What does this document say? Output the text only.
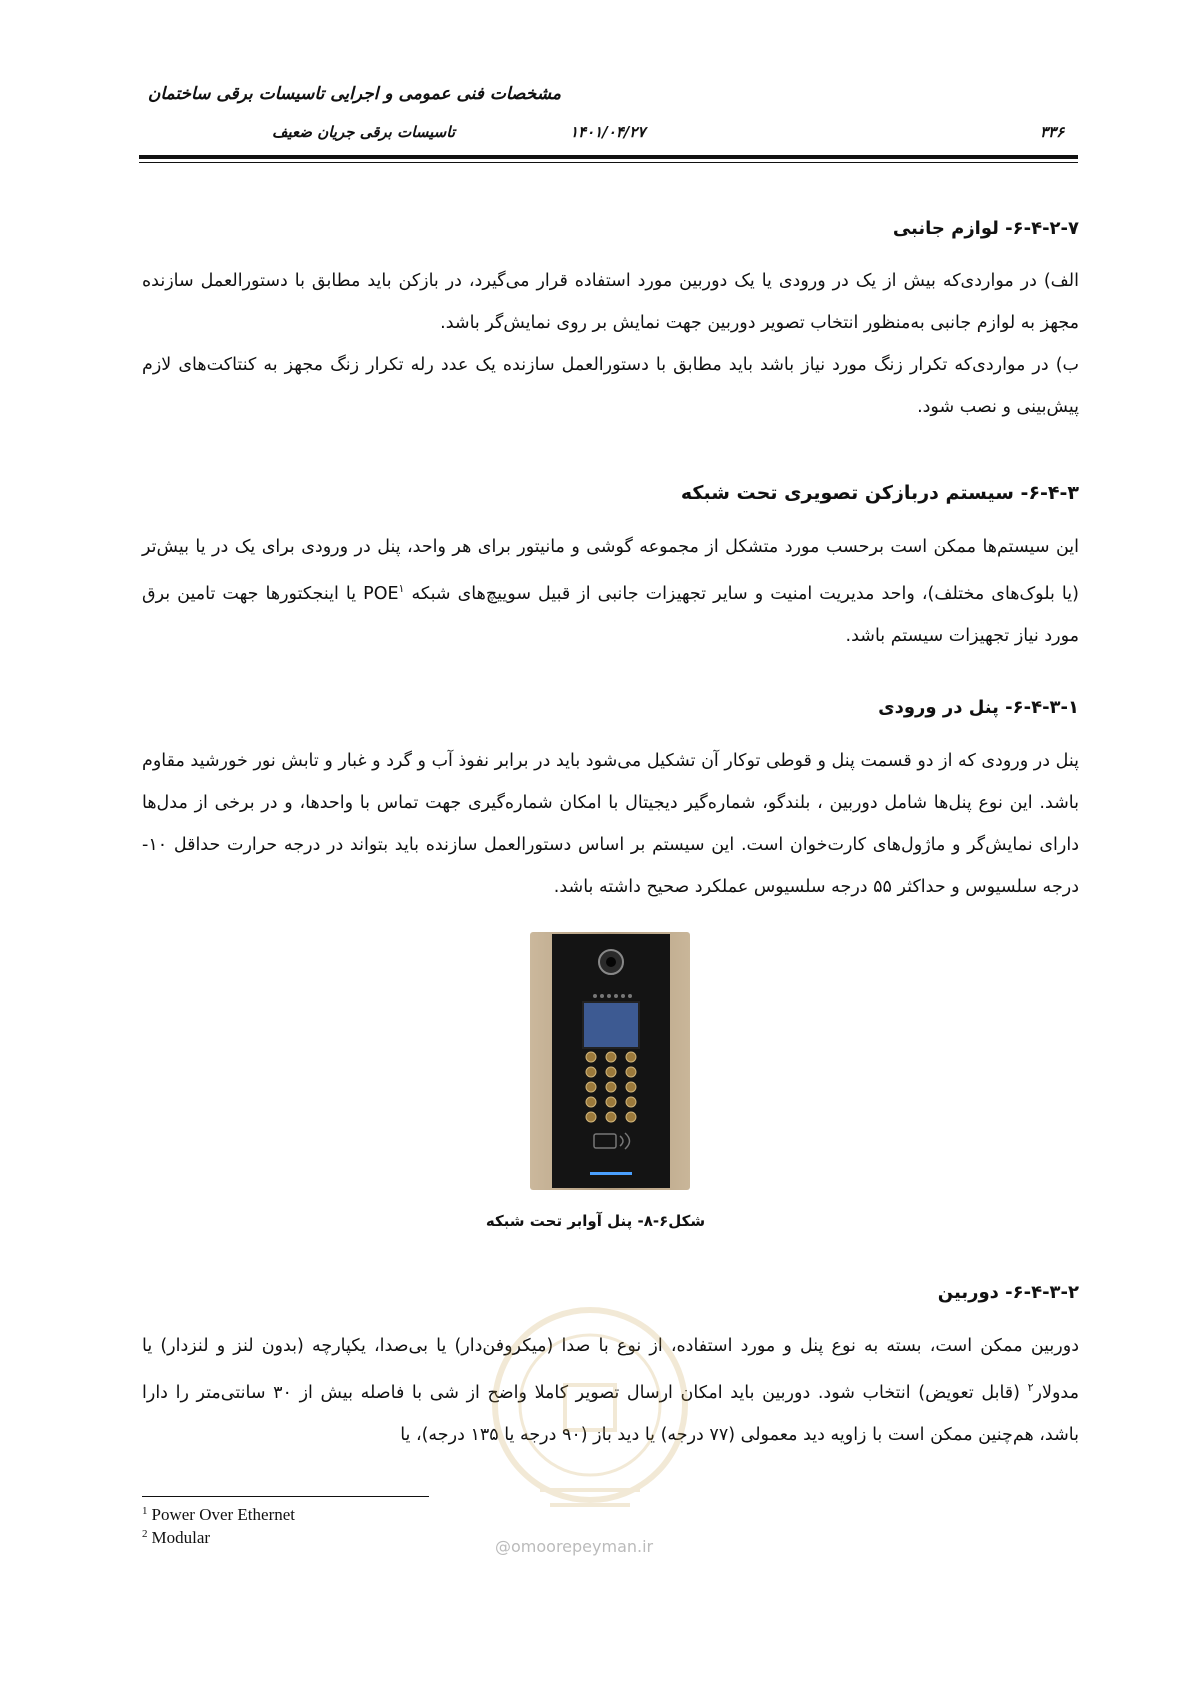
مشخصات فنی عمومی و اجرایی تاسیسات برقی ساختمان
تاسیسات برقی جریان ضعیف	۱۴۰۱/۰۴/۲۷	۳۳۶
۶-۴-۲-۷- لوازم جانبی

الف) در مواردی‌که بیش از یک در ورودی یا یک دوربین مورد استفاده قرار می‌گیرد، در بازکن باید مطابق با دستورالعمل سازنده مجهز به لوازم جانبی به‌منظور انتخاب تصویر دوربین جهت نمایش بر روی نمایش‌گر باشد.

ب) در مواردی‌که تکرار زنگ مورد نیاز باشد باید مطابق با دستورالعمل سازنده یک عدد رله تکرار زنگ مجهز به کنتاکت‌های لازم پیش‌بینی و نصب شود.

۶-۴-۳- سیستم دربازکن تصویری تحت شبکه

این سیستم‌ها ممکن است برحسب مورد متشکل از مجموعه گوشی و مانیتور برای هر واحد، پنل در ورودی برای یک در یا بیش‌تر (یا بلوک‌های مختلف)، واحد مدیریت امنیت و سایر تجهیزات جانبی از قبیل سوییچ‌های شبکه POE$^۱$ یا اینجکتورها جهت تامین برق مورد نیاز تجهیزات سیستم باشد.

۶-۴-۳-۱- پنل در ورودی

پنل در ورودی که از دو قسمت پنل و قوطی توکار آن تشکیل می‌شود باید در برابر نفوذ آب و گرد و غبار و تابش نور خورشید مقاوم باشد. این نوع پنل‌ها شامل دوربین ، بلندگو، شماره‌گیر دیجیتال با امکان شماره‌گیری جهت تماس با واحدها، و در برخی از مدل‌ها دارای نمایش‌گر و ماژول‌های کارت‌خوان است. این سیستم بر اساس دستورالعمل سازنده باید بتواند در درجه حرارت حداقل ۱۰- درجه سلسیوس و حداکثر ۵۵ درجه سلسیوس عملکرد صحیح داشته باشد.

شکل۶-۸- پنل آوابر تحت شبکه
۶-۴-۳-۲- دوربین

دوربین ممکن است، بسته به نوع پنل و مورد استفاده، از نوع با صدا (میکروفن‌دار) یا بی‌صدا، یکپارچه (بدون لنز و لنزدار) یا مدولار$^۲$ (قابل تعویض) انتخاب شود. دوربین باید امکان ارسال تصویر کاملا واضح از شی با فاصله بیش از ۳۰ سانتی‌متر را دارا باشد، هم‌چنین ممکن است با زاویه دید معمولی (۷۷ درجه) یا دید باز (۹۰ درجه یا ۱۳۵ درجه)، یا

@omoorepeyman.ir
$^1$ Power Over Ethernet
$^2$ Modular
